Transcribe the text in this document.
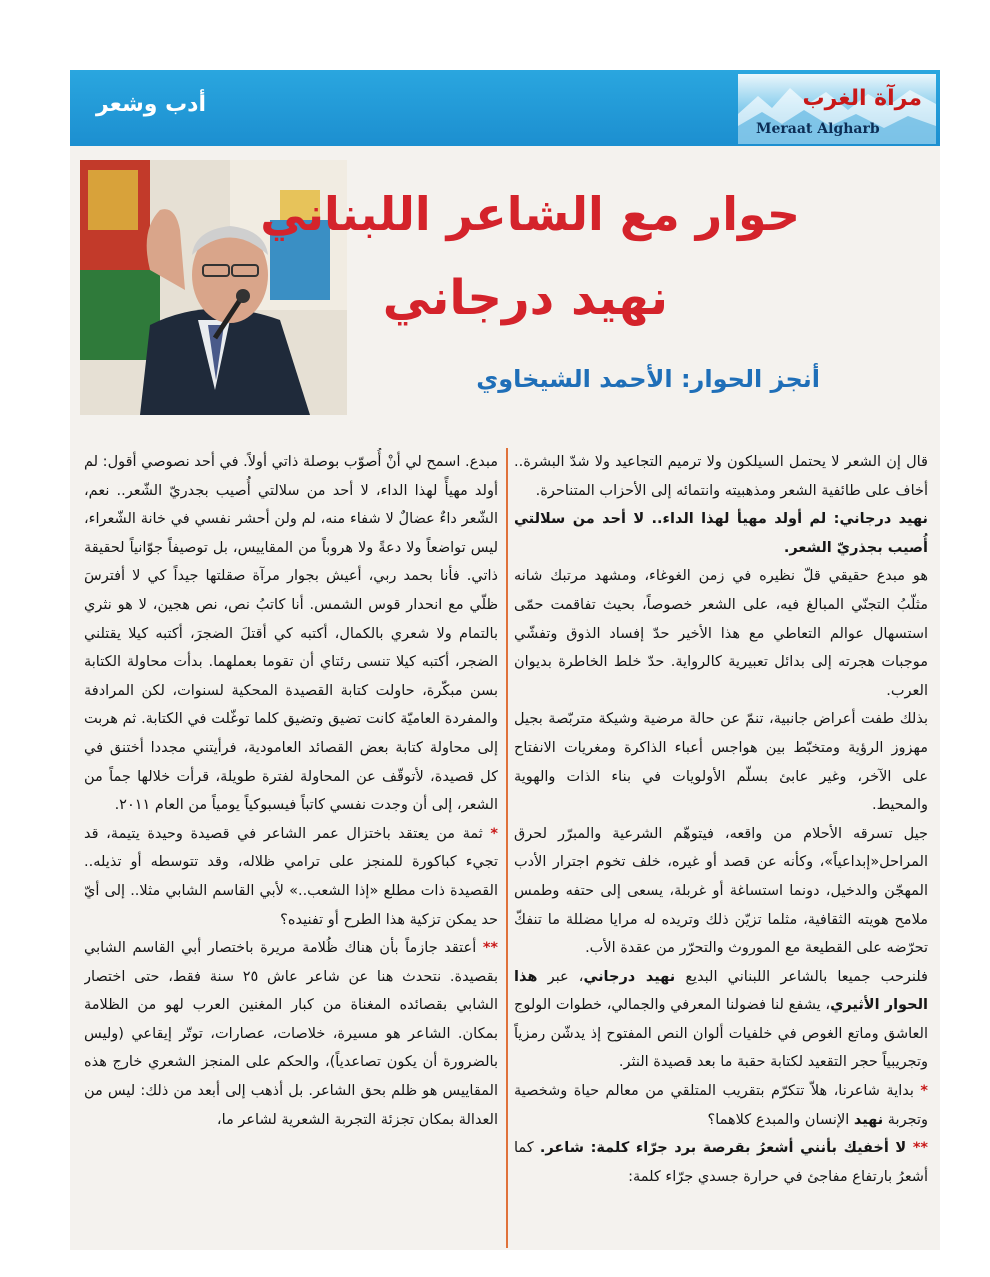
أدب وشعر	مرآة الغرب
Meraat Algharb
حوار مع الشاعر اللبناني
نهيد درجاني
أنجز الحوار: الأحمد الشيخاوي

قال إن الشعر لا يحتمل السيلكون ولا ترميم التجاعيد ولا شدّ البشرة.. أخاف على طائفية الشعر ومذهبيته وانتمائه إلى الأحزاب المتناحرة.

نهيد درجاني: لم أولد مهيأ لهذا الداء.. لا أحد من سلالتي أُصيب بجذريّ الشعر.

هو مبدع حقيقي قلّ نظيره في زمن الغوغاء، ومشهد مرتبك شانه مثلّبُ التجنّي المبالغ فيه، على الشعر خصوصاً، بحيث تفاقمت حمّى استسهال عوالم التعاطي مع هذا الأخير حدّ إفساد الذوق وتفشّي موجبات هجرته إلى بدائل تعبيرية كالرواية. حدّ خلط الخاطرة بديوان العرب.

بذلك طفت أعراض جانبية، تنمّ عن حالة مرضية وشيكة متربّصة بجيل مهزوز الرؤية ومتخبّط بين هواجس أعباء الذاكرة ومغريات الانفتاح على الآخر، وغير عابئ بسلّم الأولويات في بناء الذات والهوية والمحيط.

جيل تسرقه الأحلام من واقعه، فيتوهّم الشرعية والمبرّر لحرق المراحل«إبداعياً»، وكأنه عن قصد أو غيره، خلف تخوم اجترار الأدب المهجّن والدخيل، دونما استساغة أو غربلة، يسعى إلى حتفه وطمس ملامح هويته الثقافية، مثلما تزيّن ذلك وتريده له مرايا مضللة ما تنفكّ تحرّضه على القطيعة مع الموروث والتحرّر من عقدة الأب.

فلنرحب جميعا بالشاعر اللبناني البديع نهيد درجاني، عبر هذا الحوار الأثيري، يشفع لنا فضولنا المعرفي والجمالي، خطوات الولوج العاشق وماتع الغوص في خلفيات ألوان النص المفتوح إذ يدشّن رمزياً وتجريبياً حجر التقعيد لكتابة حقبة ما بعد قصيدة النثر.

* بداية شاعرنا، هلاّ تتكرّم بتقريب المتلقي من معالم حياة وشخصية وتجربة نهيد الإنسان والمبدع كلاهما؟

** لا أخفيك بأنني أشعرُ بقرصة برد جرّاء كلمة: شاعر. كما أشعرُ بارتفاع مفاجئ في حرارة جسدي جرّاء كلمة:

مبدع. اسمح لي أنْ أُصوّب بوصلة ذاتي أولاً. في أحد نصوصي أقول: لم أولد مهيأً لهذا الداء، لا أحد من سلالتي أُصيب بجدريّ الشّعر.. نعم، الشّعر داءٌ عضالٌ لا شفاء منه، لم ولن أحشر نفسي في خانة الشّعراء، ليس تواضعاً ولا دعةً ولا هروباً من المقاييس، بل توصيفاً جوّانياً لحقيقة ذاتي. فأنا بحمد ربي، أعيش بجوار مرآة صقلتها جيداً كي لا أفترسَ ظلّي مع انحدار قوس الشمس. أنا كاتبُ نص، نص هجين، لا هو نثري بالتمام ولا شعري بالكمال، أكتبه كي أقتلَ الضجرَ، أكتبه كيلا يقتلني الضجر، أكتبه كيلا تنسى رئتاي أن تقوما بعملهما. بدأت محاولة الكتابة بسن مبكّرة، حاولت كتابة القصيدة المحكية لسنوات، لكن المرادفة والمفردة العاميّة كانت تضيق وتضيق كلما توغّلت في الكتابة. ثم هربت إلى محاولة كتابة بعض القصائد العامودية، فرأيتني مجددا أختنق في كل قصيدة، لأتوقّف عن المحاولة لفترة طويلة، قرأت خلالها جماً من الشعر، إلى أن وجدت نفسي كاتباً فيسبوكياً يومياً من العام ٢٠١١.

* ثمة من يعتقد باختزال عمر الشاعر في قصيدة وحيدة يتيمة، قد تجيء كباكورة للمنجز على ترامي ظلاله، وقد تتوسطه أو تذيله.. القصيدة ذات مطلع «إذا الشعب..» لأبي القاسم الشابي مثلا.. إلى أيّ حد يمكن تزكية هذا الطرح أو تفنيده؟

** أعتقد جازماً بأن هناك ظُلامة مريرة باختصار أبي القاسم الشابي بقصيدة. نتحدث هنا عن شاعر عاش ٢٥ سنة فقط، حتى اختصار الشابي بقصائده المغناة من كبار المغنين العرب لهو من الظلامة بمكان. الشاعر هو مسيرة، خلاصات، عصارات، توتّر إيقاعي (وليس بالضرورة أن يكون تصاعدياً)، والحكم على المنجز الشعري خارج هذه المقاييس هو ظلم بحق الشاعر. بل أذهب إلى أبعد من ذلك: ليس من العدالة بمكان تجزئة التجربة الشعرية لشاعر ما،
